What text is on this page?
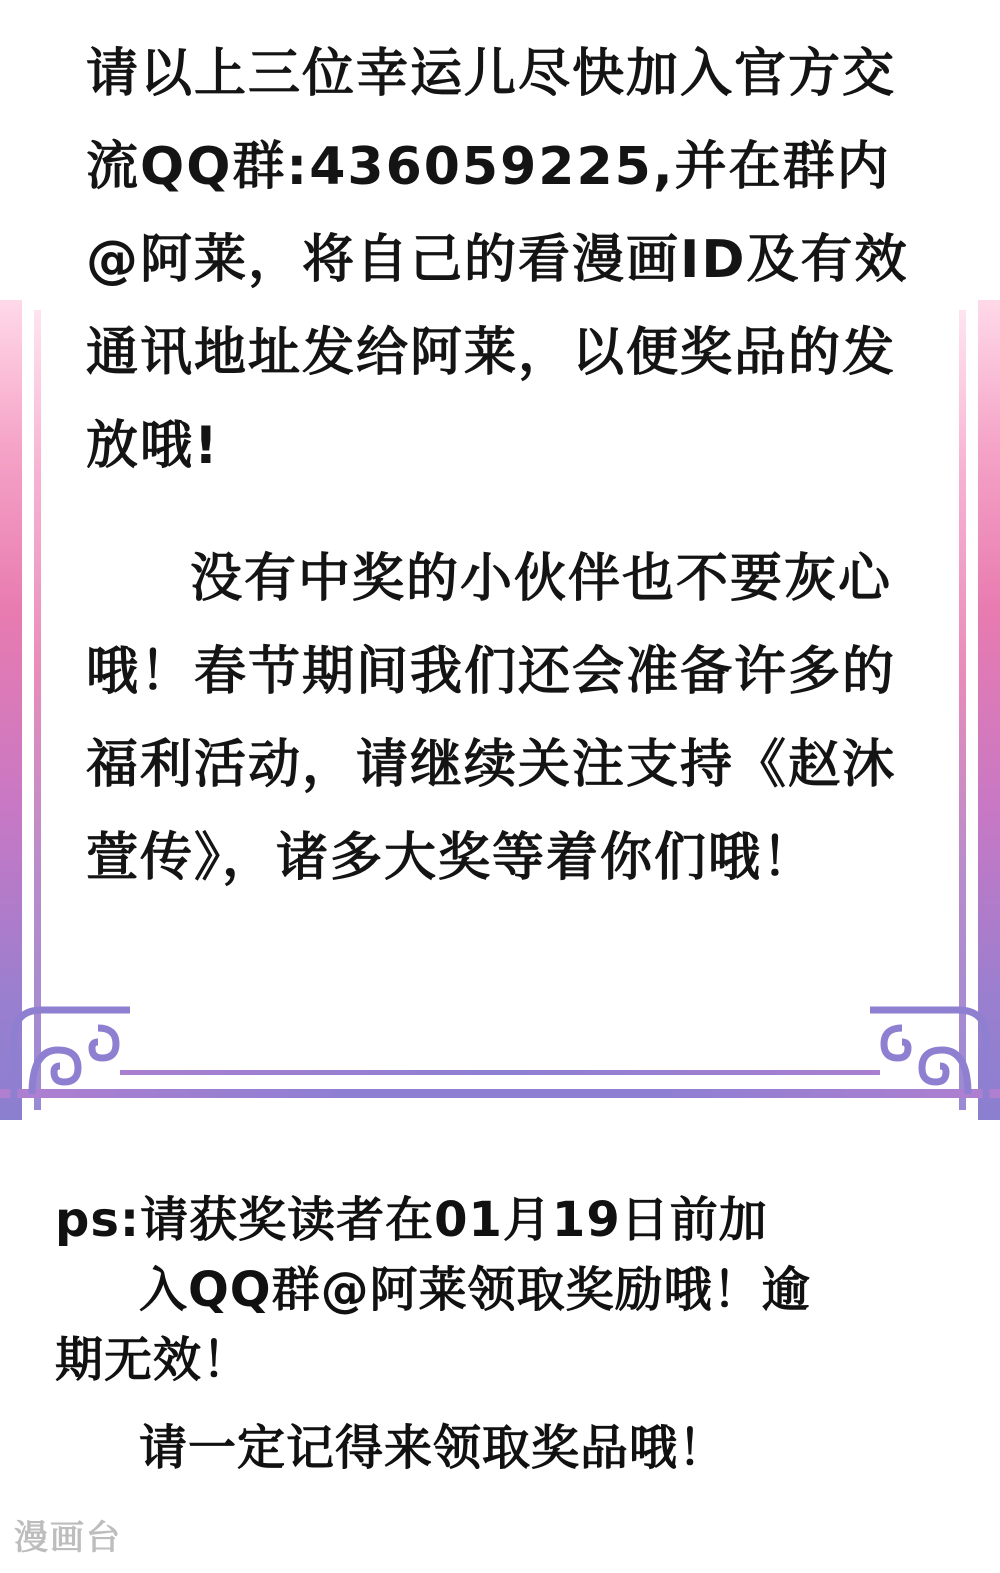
请以上三位幸运儿尽快加入官方交流QQ群:436059225,并在群内@阿莱，将自己的看漫画ID及有效通讯地址发给阿莱，以便奖品的发放哦!

没有中奖的小伙伴也不要灰心哦！春节期间我们还会准备许多的福利活动，请继续关注支持《赵沐萱传》，诸多大奖等着你们哦！

ps:请获奖读者在01月19日前加

入QQ群@阿莱领取奖励哦！逾

期无效！

请一定记得来领取奖品哦！

漫画台
